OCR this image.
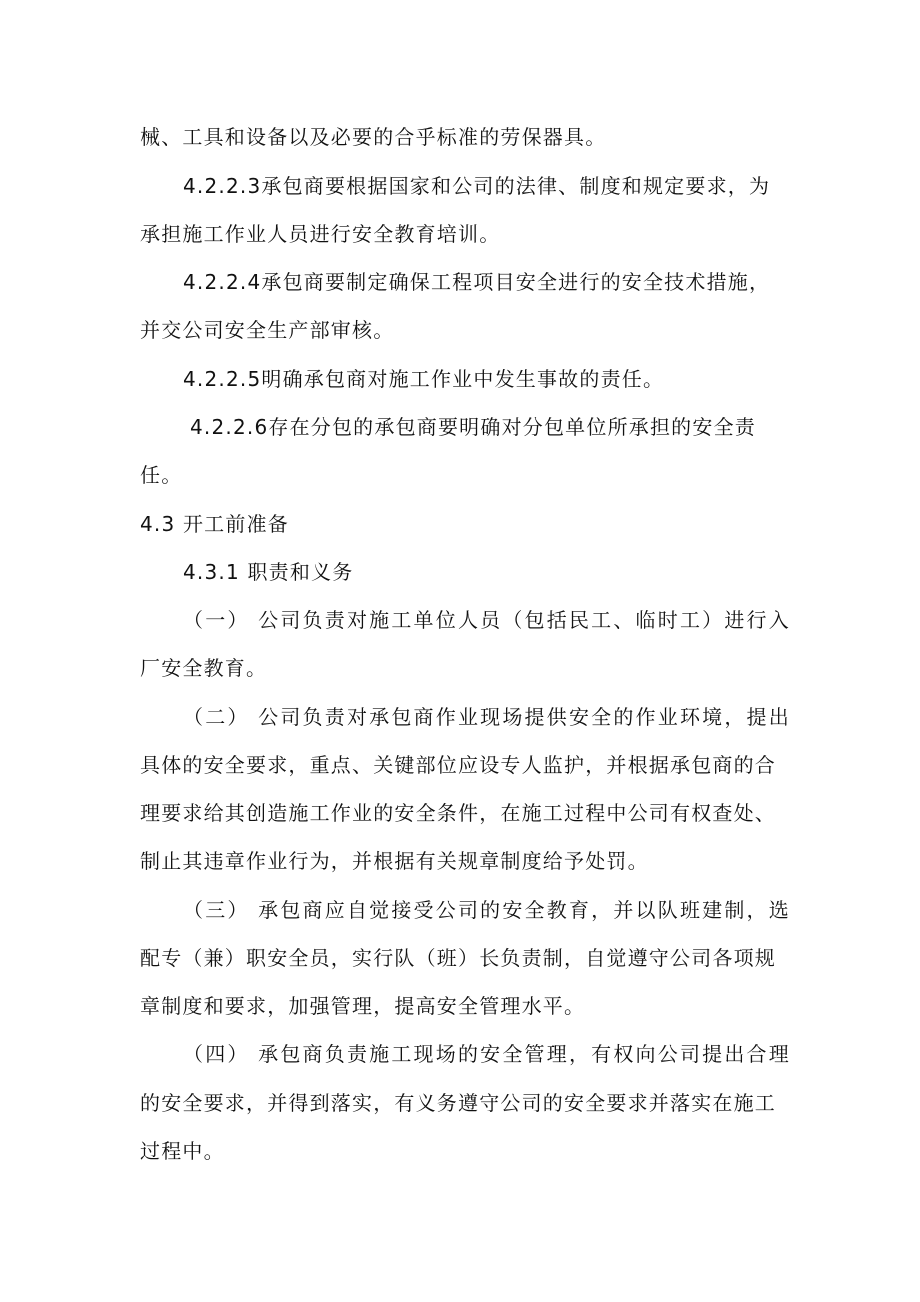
械、工具和设备以及必要的合乎标准的劳保器具。
4.2.2.3承包商要根据国家和公司的法律、制度和规定要求，为
承担施工作业人员进行安全教育培训。
4.2.2.4承包商要制定确保工程项目安全进行的安全技术措施，
并交公司安全生产部审核。
4.2.2.5明确承包商对施工作业中发生事故的责任。
4.2.2.6存在分包的承包商要明确对分包单位所承担的安全责
任。
4.3 开工前准备
4.3.1 职责和义务
（一） 公司负责对施工单位人员（包括民工、临时工）进行入
厂安全教育。
（二） 公司负责对承包商作业现场提供安全的作业环境，提出
具体的安全要求，重点、关键部位应设专人监护，并根据承包商的合
理要求给其创造施工作业的安全条件，在施工过程中公司有权查处、
制止其违章作业行为，并根据有关规章制度给予处罚。
（三） 承包商应自觉接受公司的安全教育，并以队班建制，选
配专（兼）职安全员，实行队（班）长负责制，自觉遵守公司各项规
章制度和要求，加强管理，提高安全管理水平。
（四） 承包商负责施工现场的安全管理，有权向公司提出合理
的安全要求，并得到落实，有义务遵守公司的安全要求并落实在施工
过程中。
